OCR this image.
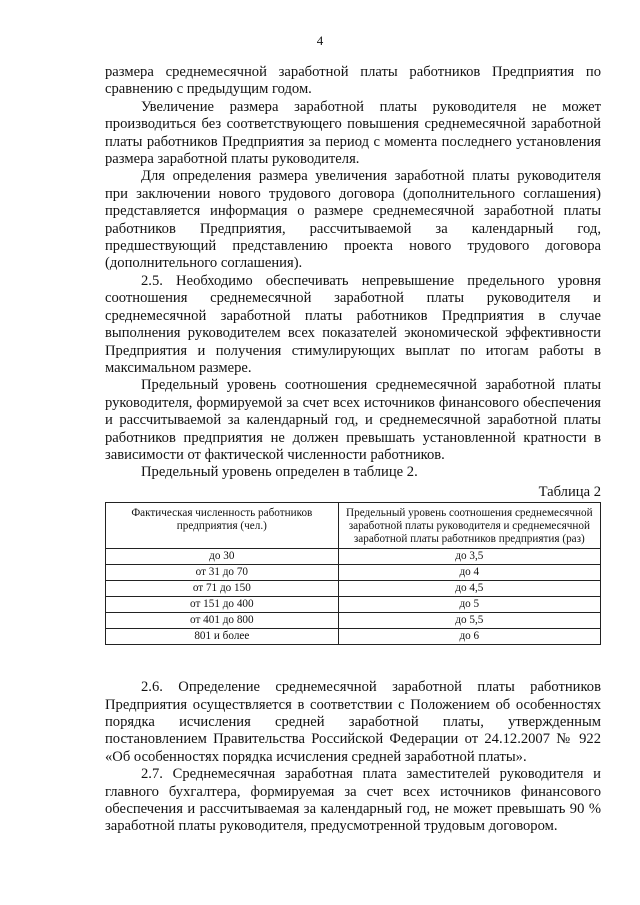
4

размера среднемесячной заработной платы работников Предприятия по сравнению с предыдущим годом.

Увеличение размера заработной платы руководителя не может производиться без соответствующего повышения среднемесячной заработной платы работников Предприятия за период с момента последнего установления размера заработной платы руководителя.

Для определения размера увеличения заработной платы руководителя при заключении нового трудового договора (дополнительного соглашения) представляется информация о размере среднемесячной заработной платы работников Предприятия, рассчитываемой за календарный год, предшествующий представлению проекта нового трудового договора (дополнительного соглашения).

2.5. Необходимо обеспечивать непревышение предельного уровня соотношения среднемесячной заработной платы руководителя и среднемесячной заработной платы работников Предприятия в случае выполнения руководителем всех показателей экономической эффективности Предприятия и получения стимулирующих выплат по итогам работы в максимальном размере.

Предельный уровень соотношения среднемесячной заработной платы руководителя, формируемой за счет всех источников финансового обеспечения и рассчитываемой за календарный год, и среднемесячной заработной платы работников предприятия не должен превышать установленной кратности в зависимости от фактической численности работников.

Предельный уровень определен в таблице 2.

Таблица 2

Фактическая численность работников предприятия (чел.)	Предельный уровень соотношения среднемесячной заработной платы руководителя и среднемесячной заработной платы работников предприятия (раз)
до 30	до 3,5
от 31 до 70	до 4
от 71 до 150	до 4,5
от 151 до 400	до 5
от 401 до 800	до 5,5
801 и более	до 6

2.6. Определение среднемесячной заработной платы работников Предприятия осуществляется в соответствии с Положением об особенностях порядка исчисления средней заработной платы, утвержденным постановлением Правительства Российской Федерации от 24.12.2007 № 922 «Об особенностях порядка исчисления средней заработной платы».

2.7. Среднемесячная заработная плата заместителей руководителя и главного бухгалтера, формируемая за счет всех источников финансового обеспечения и рассчитываемая за календарный год, не может превышать 90 % заработной платы руководителя, предусмотренной трудовым договором.
